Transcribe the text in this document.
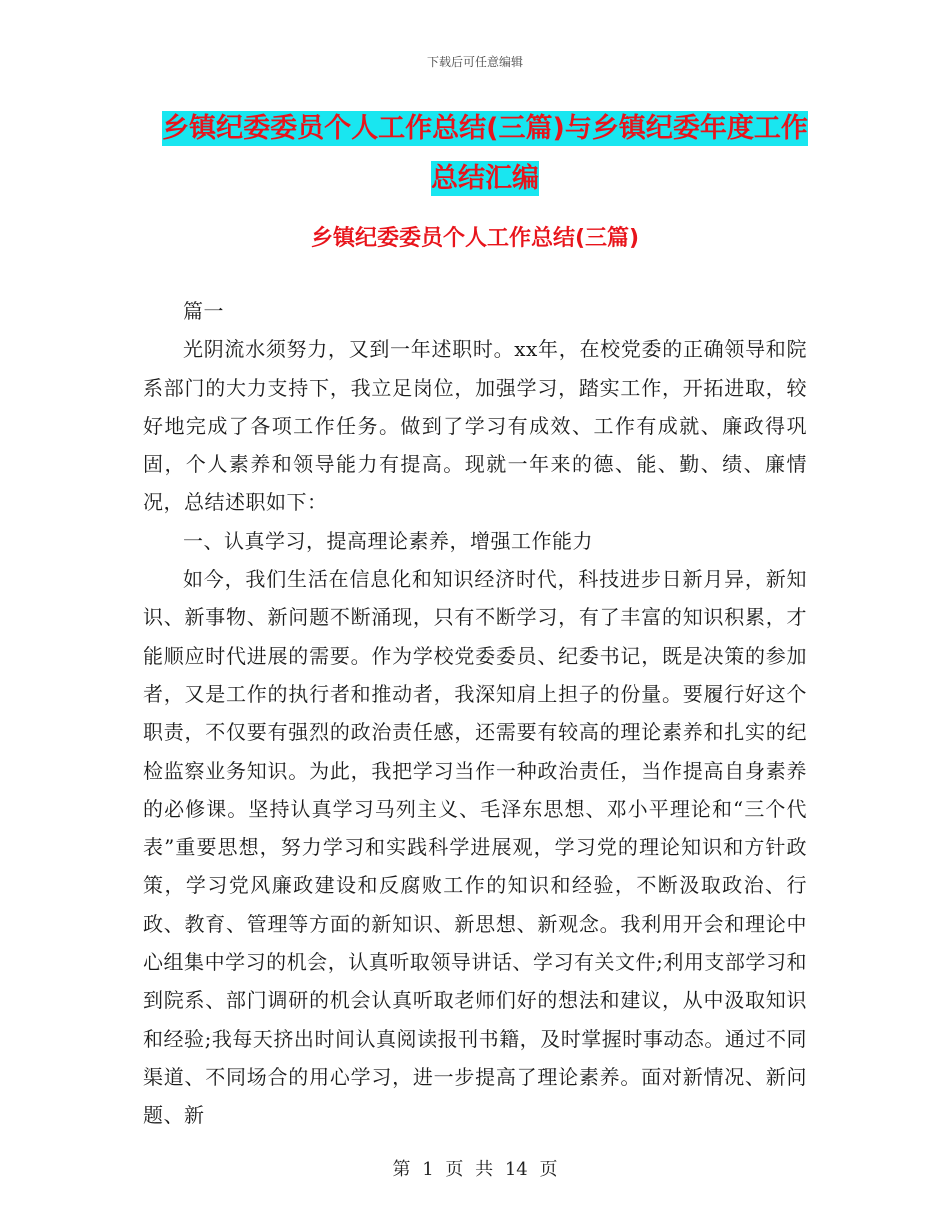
下载后可任意编辑
乡镇纪委委员个人工作总结(三篇)与乡镇纪委年度工作总结汇编
乡镇纪委委员个人工作总结(三篇)

篇一

光阴流水须努力，又到一年述职时。xx年，在校党委的正确领导和院系部门的大力支持下，我立足岗位，加强学习，踏实工作，开拓进取，较好地完成了各项工作任务。做到了学习有成效、工作有成就、廉政得巩固，个人素养和领导能力有提高。现就一年来的德、能、勤、绩、廉情况，总结述职如下：

一、认真学习，提高理论素养，增强工作能力

如今，我们生活在信息化和知识经济时代，科技进步日新月异，新知识、新事物、新问题不断涌现，只有不断学习，有了丰富的知识积累，才能顺应时代进展的需要。作为学校党委委员、纪委书记，既是决策的参加者，又是工作的执行者和推动者，我深知肩上担子的份量。要履行好这个职责，不仅要有强烈的政治责任感，还需要有较高的理论素养和扎实的纪检监察业务知识。为此，我把学习当作一种政治责任，当作提高自身素养的必修课。坚持认真学习马列主义、毛泽东思想、邓小平理论和“三个代表”重要思想，努力学习和实践科学进展观，学习党的理论知识和方针政策，学习党风廉政建设和反腐败工作的知识和经验，不断汲取政治、行政、教育、管理等方面的新知识、新思想、新观念。我利用开会和理论中心组集中学习的机会，认真听取领导讲话、学习有关文件;利用支部学习和到院系、部门调研的机会认真听取老师们好的想法和建议，从中汲取知识和经验;我每天挤出时间认真阅读报刊书籍，及时掌握时事动态。通过不同渠道、不同场合的用心学习，进一步提高了理论素养。面对新情况、新问题、新

第 1 页 共 14 页
